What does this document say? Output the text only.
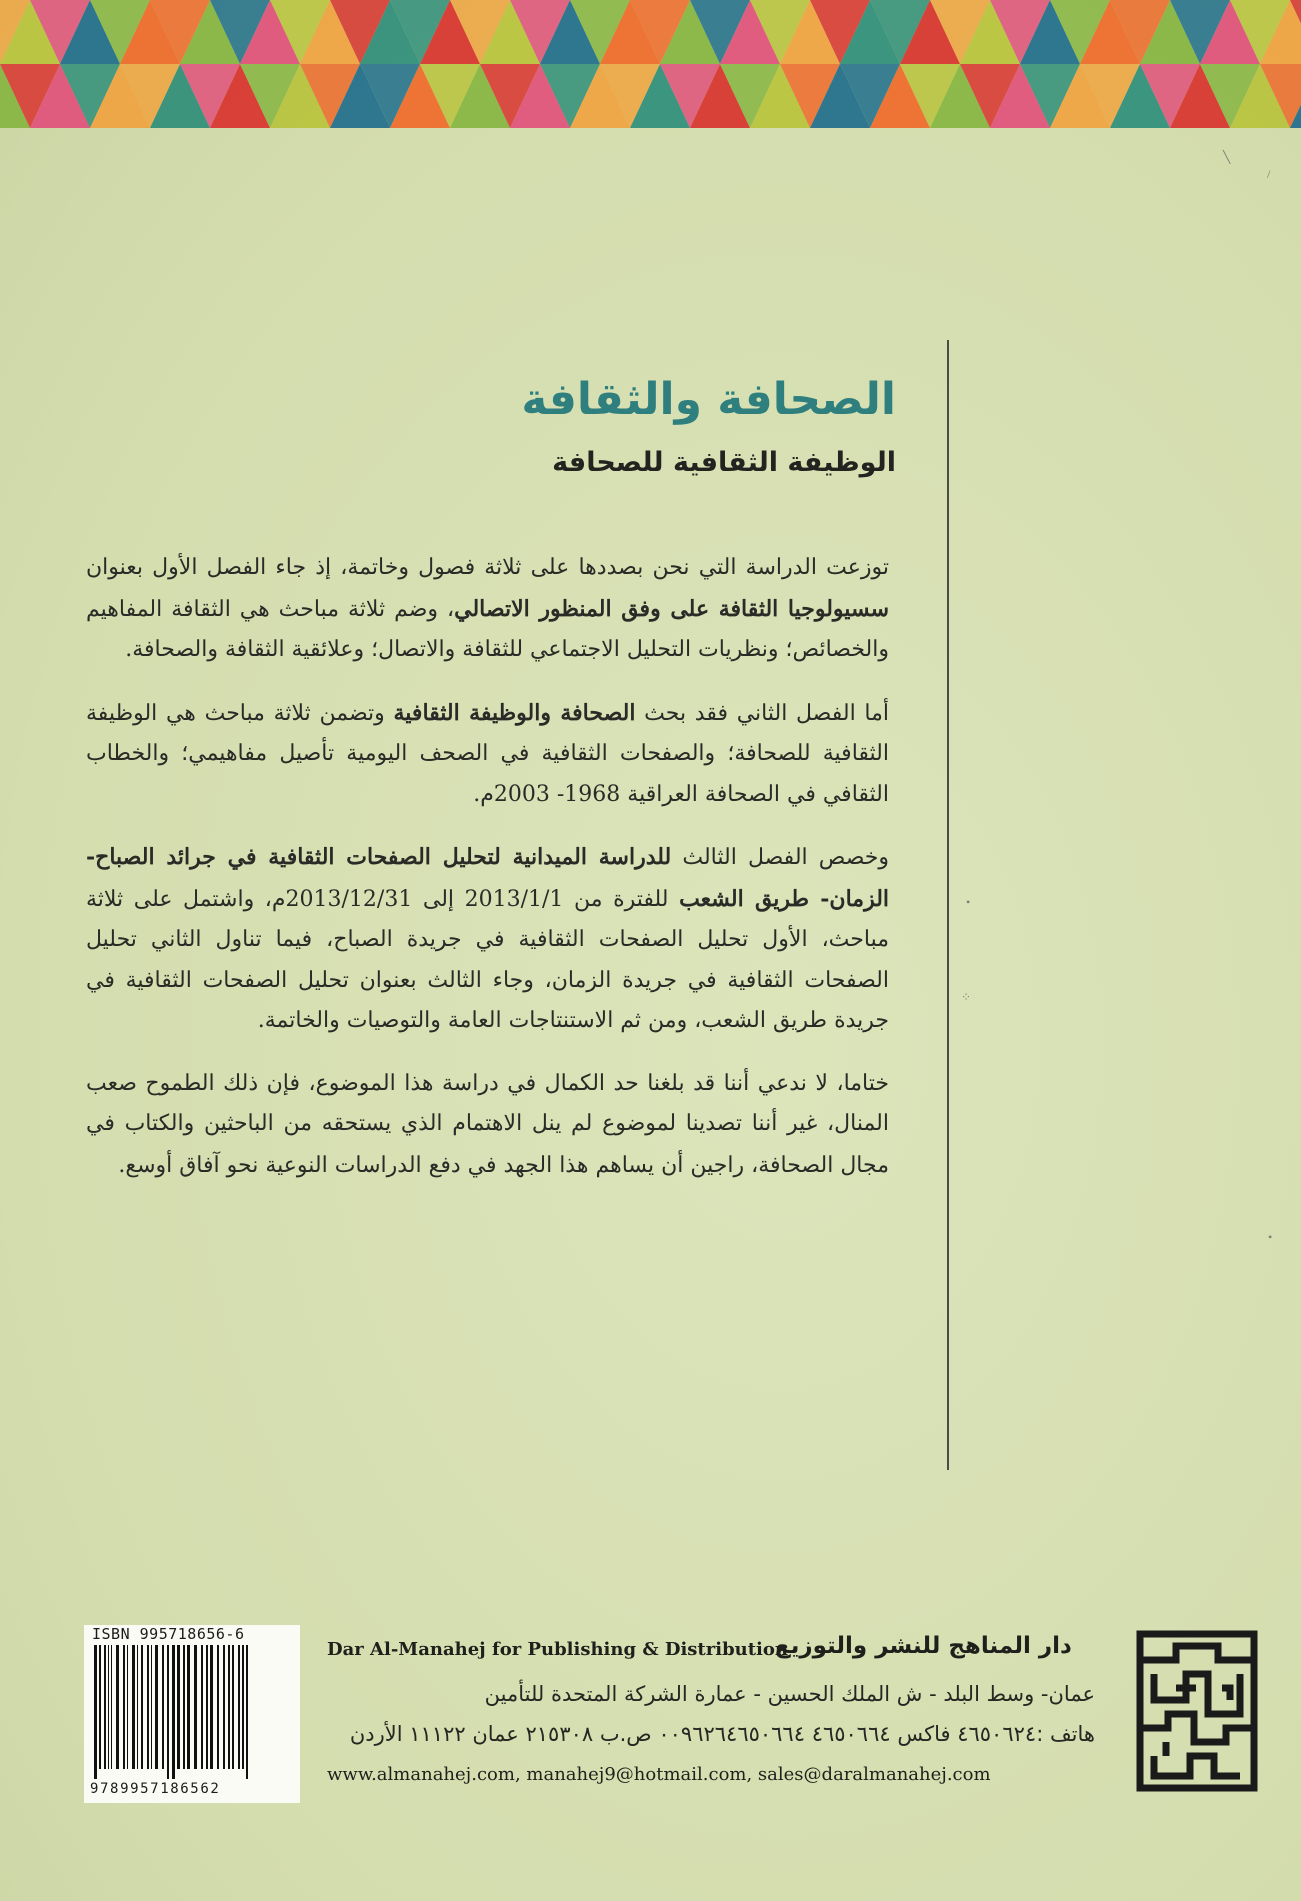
╲
/
•
⁘
•
الصحافة والثقافة
الوظيفة الثقافية للصحافة

توزعت الدراسة التي نحن بصددها على ثلاثة فصول وخاتمة، إذ جاء الفصل الأول بعنوان سسيولوجيا الثقافة على وفق المنظور الاتصالي، وضم ثلاثة مباحث هي الثقافة المفاهيم والخصائص؛ ونظريات التحليل الاجتماعي للثقافة والاتصال؛ وعلائقية الثقافة والصحافة.

أما الفصل الثاني فقد بحث الصحافة والوظيفة الثقافية وتضمن ثلاثة مباحث هي الوظيفة الثقافية للصحافة؛ والصفحات الثقافية في الصحف اليومية تأصيل مفاهيمي؛ والخطاب الثقافي في الصحافة العراقية 1968- 2003م.

وخصص الفصل الثالث للدراسة الميدانية لتحليل الصفحات الثقافية في جرائد الصباح- الزمان- طريق الشعب للفترة من 2013/1/1 إلى 2013/12/31م، واشتمل على ثلاثة مباحث، الأول تحليل الصفحات الثقافية في جريدة الصباح، فيما تناول الثاني تحليل الصفحات الثقافية في جريدة الزمان، وجاء الثالث بعنوان تحليل الصفحات الثقافية في جريدة طريق الشعب، ومن ثم الاستنتاجات العامة والتوصيات والخاتمة.

ختاما، لا ندعي أننا قد بلغنا حد الكمال في دراسة هذا الموضوع، فإن ذلك الطموح صعب المنال، غير أننا تصدينا لموضوع لم ينل الاهتمام الذي يستحقه من الباحثين والكتاب في مجال الصحافة، راجين أن يساهم هذا الجهد في دفع الدراسات النوعية نحو آفاق أوسع.

ISBN 995718656-6
9789957186562
Dar Al-Manahej for Publishing & Distribution
دار المناهج للنشر والتوزيع
عمان- وسط البلد - ش الملك الحسين - عمارة الشركة المتحدة للتأمين
هاتف :٤٦٥٠٦٢٤ فاكس ٤٦٥٠٦٦٤ ٠٠٩٦٢٦٤٦٥٠٦٦٤ ص.ب ٢١٥٣٠٨ عمان ١١١٢٢ الأردن
www.almanahej.com, manahej9@hotmail.com, sales@daralmanahej.com
